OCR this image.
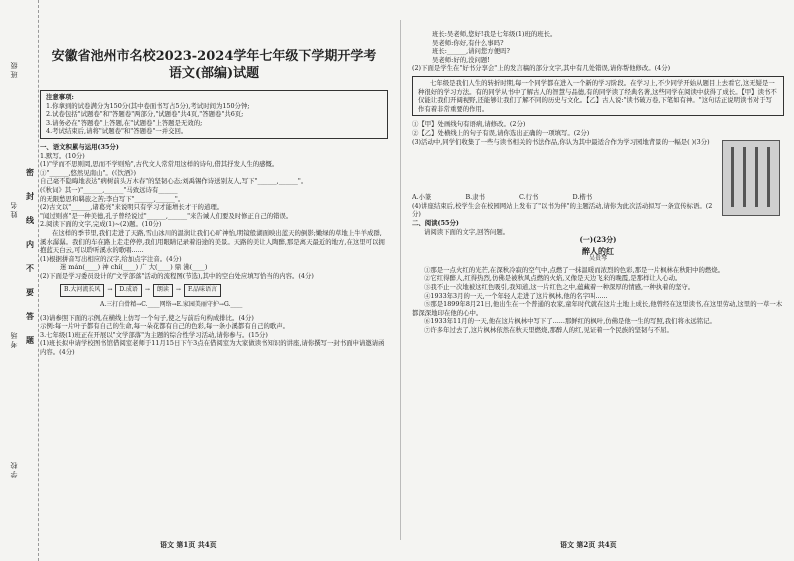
班级
姓名
考场
学校
密
封
线
内
不
要
答
题

安徽省池州市名校2023-2024学年七年级下学期开学考

语文(部编)试题

注意事项:

1.你拿到的试卷满分为150分(其中卷面书写占5分),考试时间为150分钟;

2.试卷包括"试题卷"和"答题卷"两部分,"试题卷"共4页,"答题卷"共6页;

3.请务必在"答题卷"上答题,在"试题卷"上答题是无效的;

4.考试结束后,请将"试题卷"和"答题卷"一并交回。

一、语文积累与运用(35分)

1.默写。(10分)

(1)"学而不思则罔,思而不学则殆",古代文人常常用这样的诗句,借其抒发人生的感慨。

①"______,悠然见南山"。(《饮酒》)

自己毫不隐晦地表达"病树前头万木春"的坚韧心态;刘禹锡作诗送别友人,写下"______,______"。

(《秋词》其一)"______,______"马致远诗有______

的无限愁思和羁旅之苦;李白写下"______,______"。

(2)古文以"______,诸葛亮"来说明只有学习才能增长才干的道理。

"闻过则喜"是一种美德,孔子曾经说过"______,______"来告诫人们要及时修正自己的错误。

2.阅读下面的文字,完成(1)~(2)题。(10分)

在这样的季节里,我们走进了天路,雪山冰川的温润让我们心旷神怡,明镜般湖面映出蓝天的倒影;嫩绿的草地上牛羊成群,溪水潺潺。我们的车在路上走走停停,我们用眼睛记录着沿途的美景。天路的美让人陶醉,那是离天最近的地方,在这里可以拥抱蓝天白云,可以聆听溪水的歌唱......

(1)根据拼音写出相应的汉字,给加点字注音。(4分)

迷 mán(____) 神 chí(____) 广 大(____) 鼎 沸(____)

(2)下面是学习委员设计的"文学部落"活动的流程图(节选),其中的空白处应填写恰当的内容。(4分)

B.大河流长风	→	D.成语	→	朗读	→	F.品味语言
A.三打白骨精 → C.____网络 → E.家园美丽守护 → G.____

(3)请参照下面的示例,在横线上仿写一个句子,使之与前后句构成排比。(4分)

示例:每一片叶子都有自己的生命,每一朵花都有自己的色彩,每一条小溪都有自己的歌声。

3.七年级(1)班正在开展以"文学部落"为主题的综合性学习活动,请你参与。(15分)

(1)班长拟申请学校图书馆借阅室老师于11月15日下午3点在借阅室为大家做读书知识的讲座,请你撰写一封书面申请邀请函内容。(4分)

班长:吴老师,您好!我是七年级(1)班的班长。

吴老师:你好,有什么事吗?

班长:______,请问您方便吗?

吴老师:好的,没问题!

(2)下面是学生在"好书分享会"上的发言稿的部分文字,其中有几处错误,请你帮他修改。(4分)

七年级是我们人生的转折时期,每一个同学都在进入一个新的学习阶段。在学习上,不少同学开始从题目上去看它,这无疑是一种很好的学习方法。有的同学从书中了解古人的智慧与品德,有的同学读了经典名著,这些同学在阅读中获得了成长。【甲】读书不仅能让我们开阔视野,还能够让我们了解不同的历史与文化。【乙】古人说:"读书破万卷,下笔如有神。"这句话正说明读书对于写作有着非常重要的作用。

①【甲】处画线句有语病,请修改。(2分)

②【乙】处横线上的句子有误,请你选出正确的一项填写。(2分)

(3)活动中,同学们收集了一些与读书相关的书法作品,你认为其中最适合作为学习园地背景的一幅是( )(3分)

A.小篆	B.隶书	C.行书	D.楷书

(4)讲座结束后,校学生会在校园网站上发布了"以书为伴"的主题活动,请你为此次活动拟写一条宣传标语。(2分)

二、阅读(55分)

请阅读下面的文字,回答问题。

(一)(23分)

醉人的红

吴贵琴

①那是一点火红的光芒,在深秋冷寂的空气中,点燃了一抹温暖而浓烈的色彩,那是一片枫林在秋阳中的燃烧。

②它红得醉人,红得热烈,仿佛是被秋风点燃的火焰,又像是天边飞来的晚霞,是那样让人心动。

③我不止一次地被这红色吸引,我知道,这一片红色之中,蕴藏着一种深厚的情感,一种执着的坚守。

④1933年3月的一天,一个年轻人走进了这片枫林,他的名字叫......

⑤那是1899年8月21日,他出生在一个普通的农家,童年时代就在这片土地上成长,他曾经在这里读书,在这里劳动,这里的一草一木都深深地印在他的心中。

⑥1933年11月的一天,他在这片枫林中写下了......那鲜红的枫叶,仿佛是他一生的写照,我们将永远铭记。

⑦许多年过去了,这片枫林依然在秋天里燃烧,那醉人的红,见证着一个民族的坚韧与不屈。

语文 第1页 共4页	语文 第2页 共4页
